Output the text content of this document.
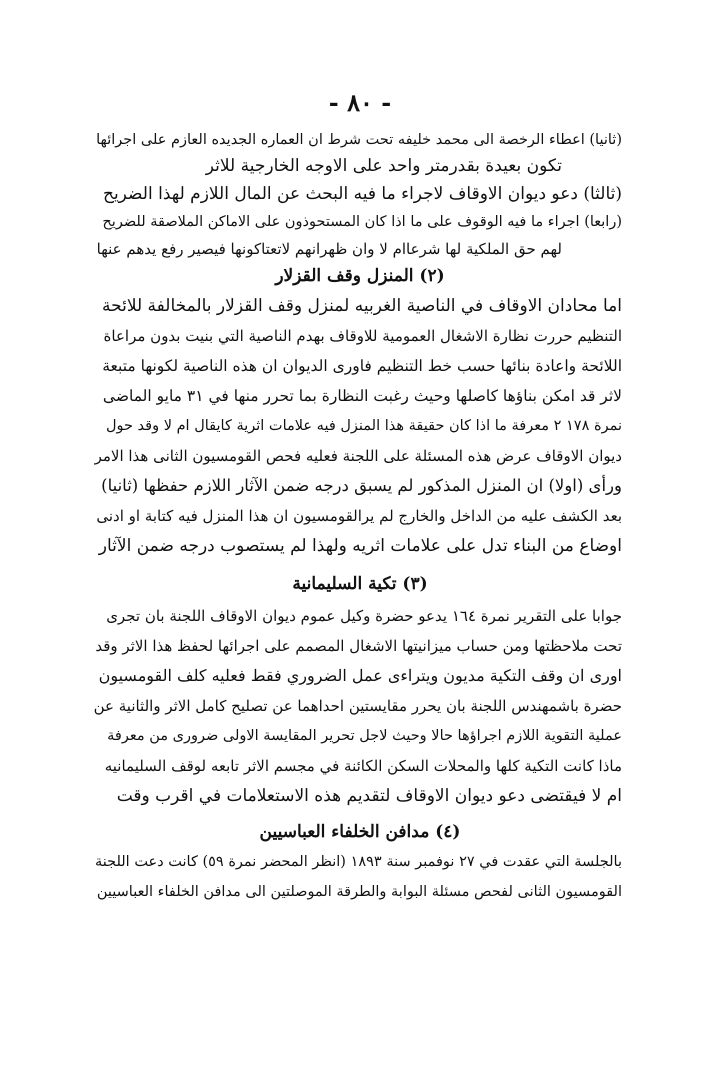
- ٨٠ -
(ثانيا) اعطاء الرخصة الى محمد خليفه تحت شرط ان العماره الجديده العازم على اجرائها
تكون بعيدة بقدرمتر واحد على الاوجه الخارجية للاثر
(ثالثا) دعو ديوان الاوقاف لاجراء ما فيه البحث عن المال اللازم لهذا الضريح
(رابعا) اجراء ما فيه الوقوف على ما اذا كان المستحوذون على الاماكن الملاصقة للضريح
لهم حق الملكية لها شرعاام لا وان ظهرانهم لاتعتاكونها فيصير رفع يدهم عنها
(٢) المنزل وقف القزلار
اما محادان الاوقاف في الناصية الغربيه لمنزل وقف القزلار بالمخالفة للائحة
التنظيم حررت نظارة الاشغال العمومية للاوقاف بهدم الناصية التي بنيت بدون مراعاة
اللائحة واعادة بنائها حسب خط التنظيم فاورى الديوان ان هذه الناصية لكونها متبعة
لاثر قد امكن بناؤها كاصلها وحيث رغبت النظارة بما تحرر منها في ٣١ مايو الماضى
نمرة ١٧٨ ٢ معرفة ما اذا كان حقيقة هذا المنزل فيه علامات اثرية كايقال ام لا وقد حول
ديوان الاوقاف عرض هذه المسئلة على اللجنة فعليه فحص القومسيون الثانى هذا الامر
ورأى (اولا) ان المنزل المذكور لم يسبق درجه ضمن الآثار اللازم حفظها (ثانيا)
بعد الكشف عليه من الداخل والخارج لم يرالقومسيون ان هذا المنزل فيه كتابة او ادنى
اوضاع من البناء تدل على علامات اثريه ولهذا لم يستصوب درجه ضمن الآثار
(٣) تكية السليمانية
جوابا على التقرير نمرة ١٦٤ يدعو حضرة وكيل عموم ديوان الاوقاف اللجنة بان تجرى
تحت ملاحظتها ومن حساب ميزانيتها الاشغال المصمم على اجرائها لحفظ هذا الاثر وقد
اورى ان وقف التكية مديون ويتراءى عمل الضروري فقط فعليه كلف القومسيون
حضرة باشمهندس اللجنة بان يحرر مقايستين احداهما عن تصليح كامل الاثر والثانية عن
عملية التقوية اللازم اجراؤها حالا وحيث لاجل تحرير المقايسة الاولى ضرورى من معرفة
ماذا كانت التكية كلها والمحلات السكن الكائنة في مجسم الاثر تابعه لوقف السليمانيه
ام لا فيقتضى دعو ديوان الاوقاف لتقديم هذه الاستعلامات في اقرب وقت
(٤) مدافن الخلفاء العباسيين
بالجلسة التي عقدت في ٢٧ نوفمبر سنة ١٨٩٣ (انظر المحضر نمرة ٥٩) كانت دعت اللجنة
القومسيون الثانى لفحص مسئلة البوابة والطرقة الموصلتين الى مدافن الخلفاء العباسيين
